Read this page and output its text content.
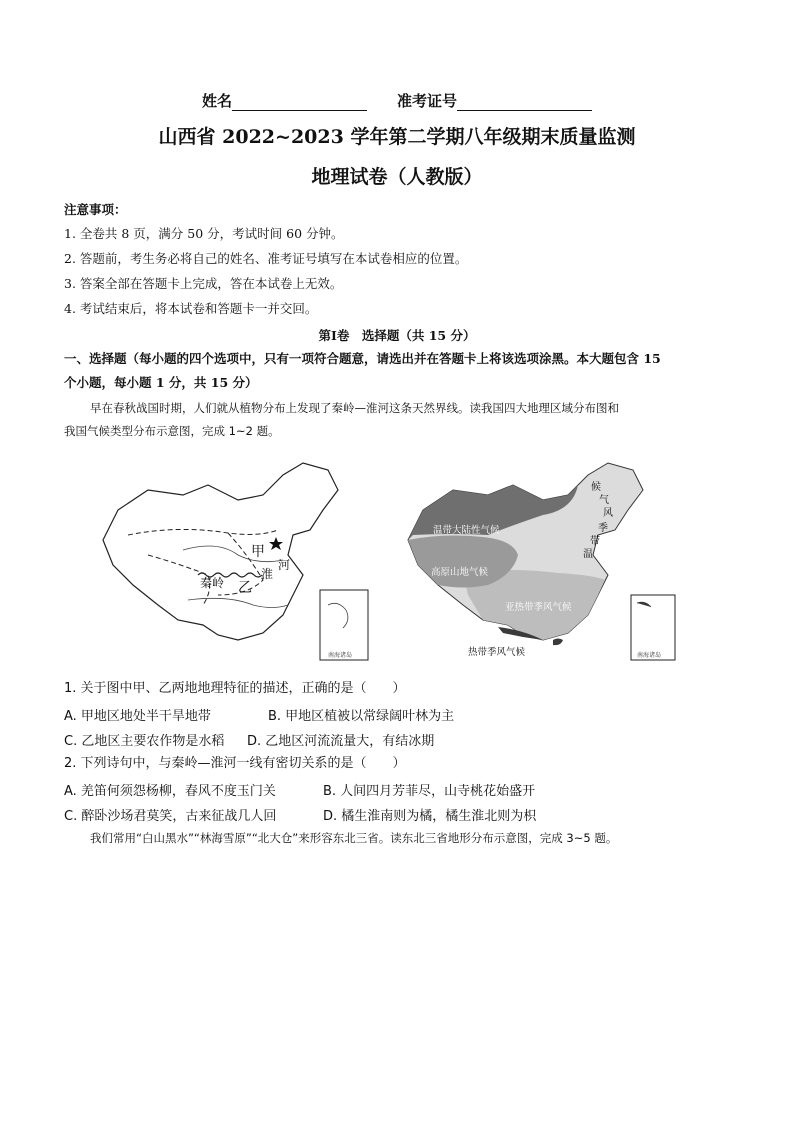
姓名	准考证号
山西省 2022~2023 学年第二学期八年级期末质量监测
地理试卷（人教版）
注意事项：
1. 全卷共 8 页，满分 50 分，考试时间 60 分钟。
2. 答题前，考生务必将自己的姓名、准考证号填写在本试卷相应的位置。
3. 答案全部在答题卡上完成，答在本试卷上无效。
4. 考试结束后，将本试卷和答题卡一并交回。
第Ⅰ卷　选择题（共 15 分）
一、选择题（每小题的四个选项中，只有一项符合题意，请选出并在答题卡上将该选项涂黑。本大题包含 15
个小题，每小题 1 分，共 15 分）
早在春秋战国时期，人们就从植物分布上发现了秦岭—淮河这条天然界线。读我国四大地理区域分布图和
我国气候类型分布示意图，完成 1~2 题。
甲
乙
秦岭
淮
河
南海诸岛
温带大陆性气候
高原山地气候
亚热带季风气候
热带季风气候
候
气
风
季
带
温
南海诸岛
1. 关于图中甲、乙两地地理特征的描述，正确的是（　　）
A. 甲地区地处半干旱地带	B. 甲地区植被以常绿阔叶林为主
C. 乙地区主要农作物是水稻 D. 乙地区河流流量大，有结冰期
2. 下列诗句中，与秦岭—淮河一线有密切关系的是（　　）
A. 羌笛何须怨杨柳，春风不度玉门关	B. 人间四月芳菲尽，山寺桃花始盛开
C. 醉卧沙场君莫笑，古来征战几人回	D. 橘生淮南则为橘，橘生淮北则为枳
我们常用“白山黑水”“林海雪原”“北大仓”来形容东北三省。读东北三省地形分布示意图，完成 3~5 题。
